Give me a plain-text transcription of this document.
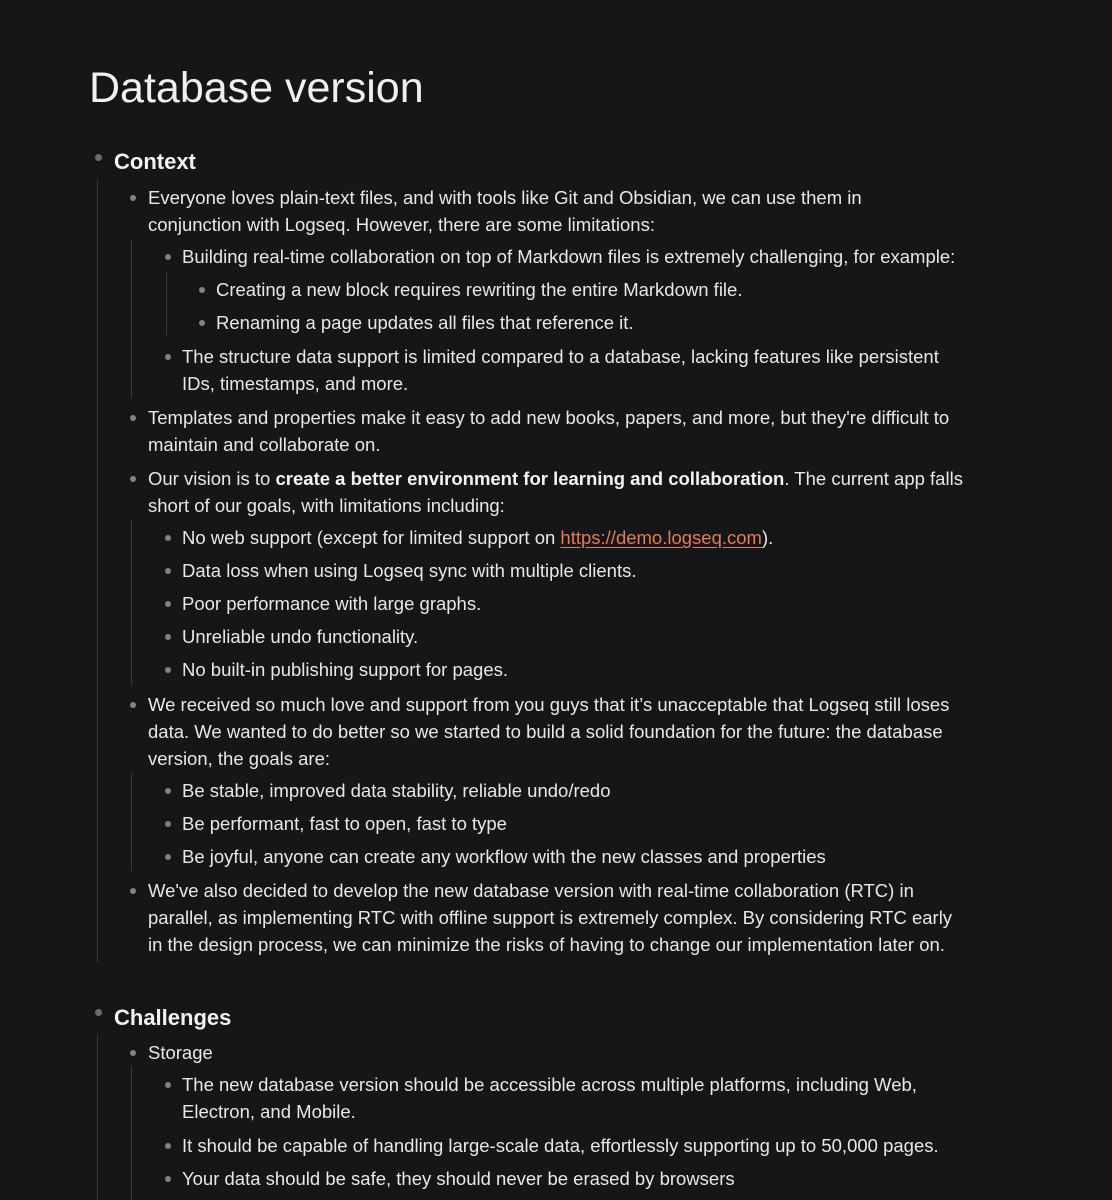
Database version
Context
Everyone loves plain-text files, and with tools like Git and Obsidian, we can use them in
conjunction with Logseq. However, there are some limitations:
Building real-time collaboration on top of Markdown files is extremely challenging, for example:
Creating a new block requires rewriting the entire Markdown file.
Renaming a page updates all files that reference it.
The structure data support is limited compared to a database, lacking features like persistent
IDs, timestamps, and more.
Templates and properties make it easy to add new books, papers, and more, but they're difficult to
maintain and collaborate on.
Our vision is to create a better environment for learning and collaboration. The current app falls
short of our goals, with limitations including:
No web support (except for limited support on https://demo.logseq.com).
Data loss when using Logseq sync with multiple clients.
Poor performance with large graphs.
Unreliable undo functionality.
No built-in publishing support for pages.
We received so much love and support from you guys that it’s unacceptable that Logseq still loses
data. We wanted to do better so we started to build a solid foundation for the future: the database
version, the goals are:
Be stable, improved data stability, reliable undo/redo
Be performant, fast to open, fast to type
Be joyful, anyone can create any workflow with the new classes and properties
We've also decided to develop the new database version with real-time collaboration (RTC) in
parallel, as implementing RTC with offline support is extremely complex. By considering RTC early
in the design process, we can minimize the risks of having to change our implementation later on.
Challenges
Storage
The new database version should be accessible across multiple platforms, including Web,
Electron, and Mobile.
It should be capable of handling large-scale data, effortlessly supporting up to 50,000 pages.
Your data should be safe, they should never be erased by browsers
